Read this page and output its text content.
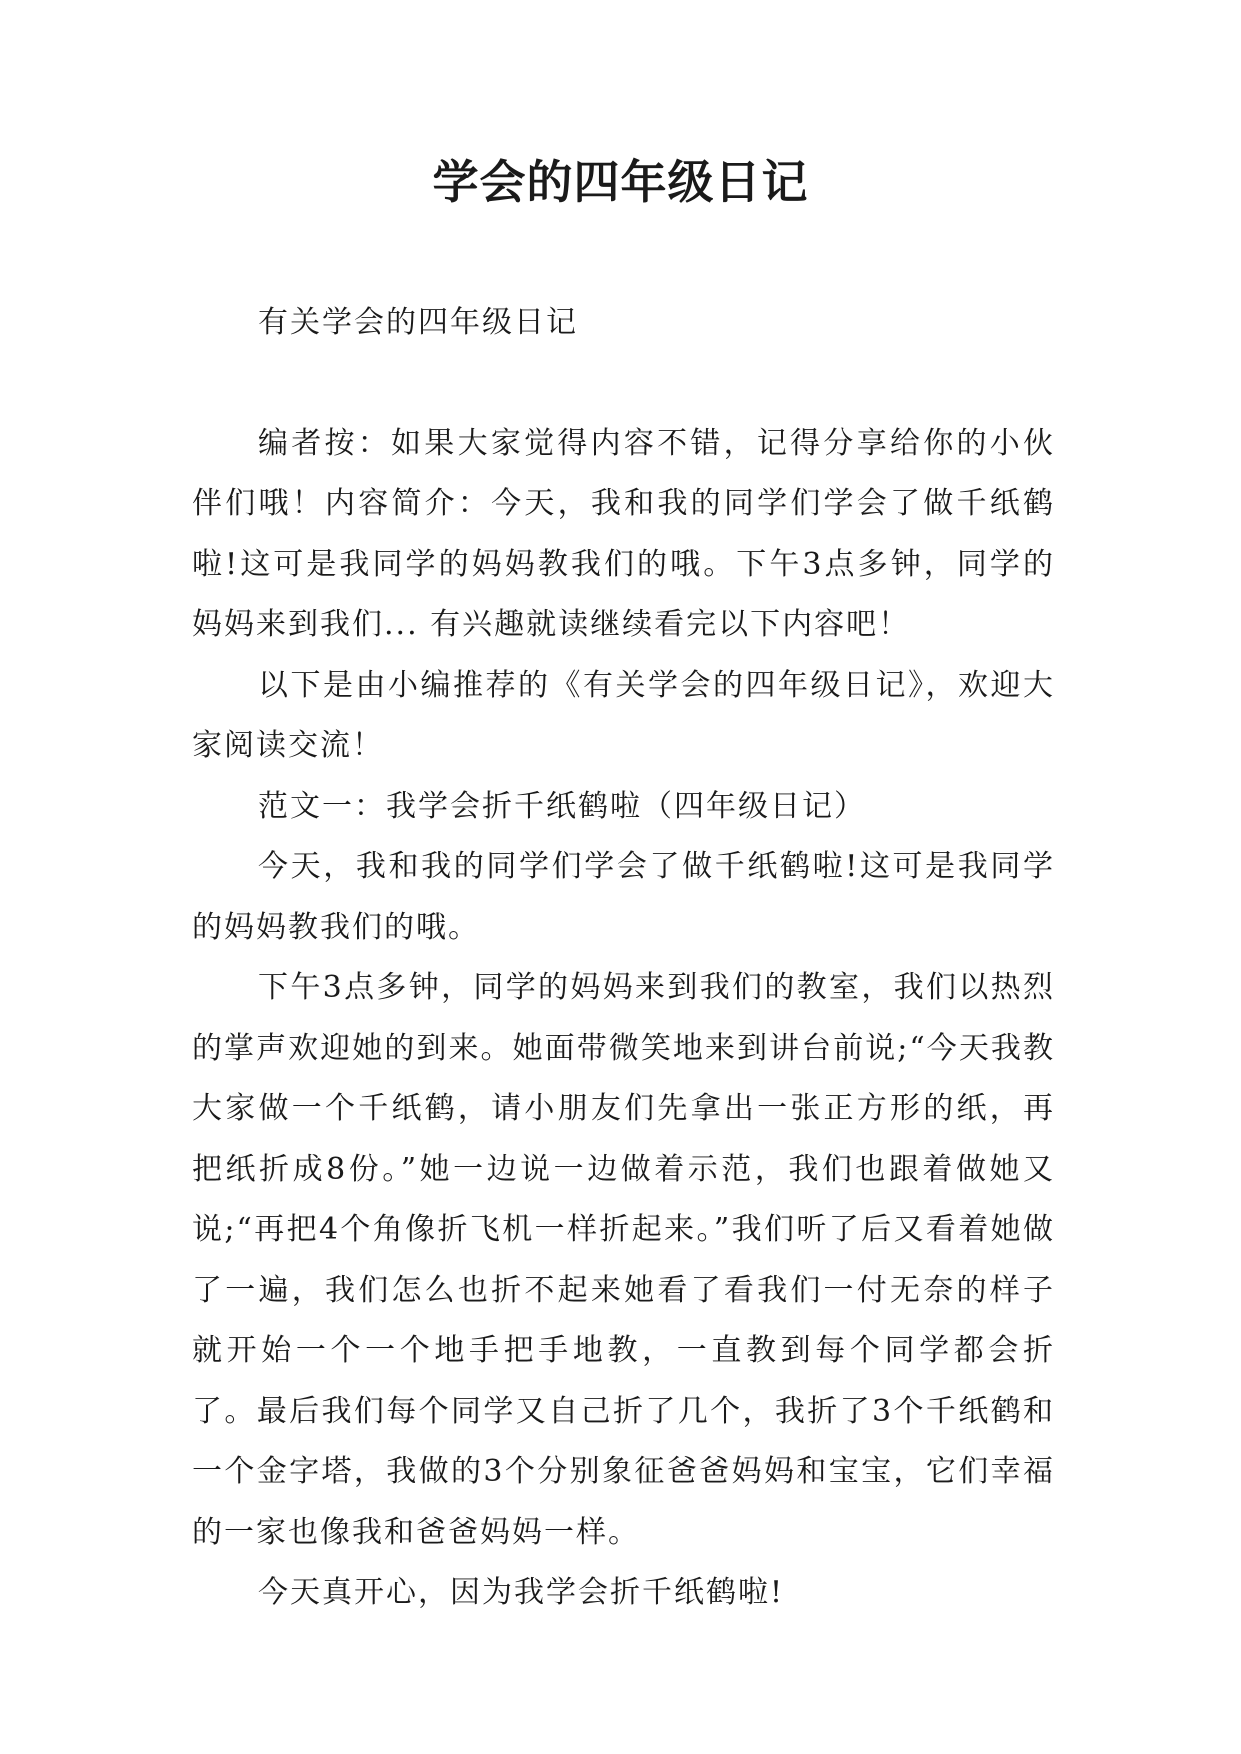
学会的四年级日记

有关学会的四年级日记

编者按：如果大家觉得内容不错，记得分享给你的小伙伴们哦！内容简介：今天，我和我的同学们学会了做千纸鹤啦!这可是我同学的妈妈教我们的哦。下午3点多钟，同学的妈妈来到我们... 有兴趣就读继续看完以下内容吧！

以下是由小编推荐的《有关学会的四年级日记》，欢迎大家阅读交流！

范文一：我学会折千纸鹤啦（四年级日记）

今天，我和我的同学们学会了做千纸鹤啦!这可是我同学的妈妈教我们的哦。

下午3点多钟，同学的妈妈来到我们的教室，我们以热烈的掌声欢迎她的到来。她面带微笑地来到讲台前说;“今天我教大家做一个千纸鹤，请小朋友们先拿出一张正方形的纸，再把纸折成8份。”她一边说一边做着示范，我们也跟着做她又说;“再把4个角像折飞机一样折起来。”我们听了后又看着她做了一遍，我们怎么也折不起来她看了看我们一付无奈的样子就开始一个一个地手把手地教，一直教到每个同学都会折了。最后我们每个同学又自己折了几个，我折了3个千纸鹤和一个金字塔，我做的3个分别象征爸爸妈妈和宝宝，它们幸福的一家也像我和爸爸妈妈一样。

今天真开心，因为我学会折千纸鹤啦!
